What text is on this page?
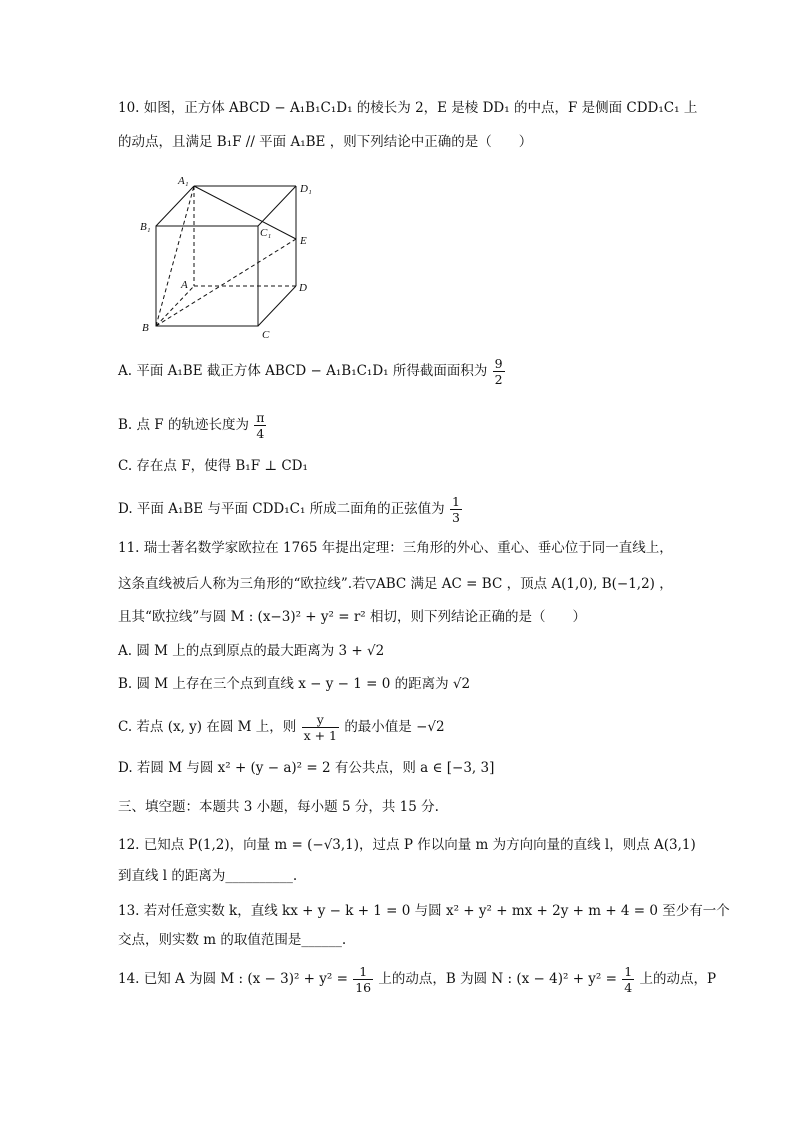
10. 如图，正方体 ABCD − A₁B₁C₁D₁ 的棱长为 2，E 是棱 DD₁ 的中点，F 是侧面 CDD₁C₁ 上
的动点，且满足 B₁F // 平面 A₁BE ，则下列结论中正确的是（　　）
A₁
D₁
B₁	C₁
E
A	D
B
C
A. 平面 A₁BE 截正方体 ABCD − A₁B₁C₁D₁ 所得截面面积为 $\frac{9}{2}$
B. 点 F 的轨迹长度为 $\frac{\pi}{4}$
C. 存在点 F，使得 B₁F ⊥ CD₁
D. 平面 A₁BE 与平面 CDD₁C₁ 所成二面角的正弦值为 $\frac{1}{3}$
11. 瑞士著名数学家欧拉在 1765 年提出定理：三角形的外心、重心、垂心位于同一直线上，
这条直线被后人称为三角形的“欧拉线”.若▽ABC 满足 AC = BC ，顶点 A(1,0), B(−1,2) ，
且其“欧拉线”与圆 M : (x−3)² + y² = r² 相切，则下列结论正确的是（　　）
A. 圆 M 上的点到原点的最大距离为 3 + √2
B. 圆 M 上存在三个点到直线 x − y − 1 = 0 的距离为 √2
C. 若点 (x, y) 在圆 M 上，则 $\frac{y}{x + 1}$ 的最小值是 −√2
D. 若圆 M 与圆 x² + (y − a)² = 2 有公共点，则 a ∈ [−3, 3]
三、填空题：本题共 3 小题，每小题 5 分，共 15 分.
12. 已知点 P(1,2)，向量 m = (−√3,1)，过点 P 作以向量 m 为方向向量的直线 l，则点 A(3,1)
到直线 l 的距离为__________.
13. 若对任意实数 k，直线 kx + y − k + 1 = 0 与圆 x² + y² + mx + 2y + m + 4 = 0 至少有一个
交点，则实数 m 的取值范围是______.
14. 已知 A 为圆 M : $(x - 3)^2 + y^2 = \frac{1}{16}$ 上的动点，B 为圆 N : $(x - 4)^2 + y^2 = \frac{1}{4}$ 上的动点，P
